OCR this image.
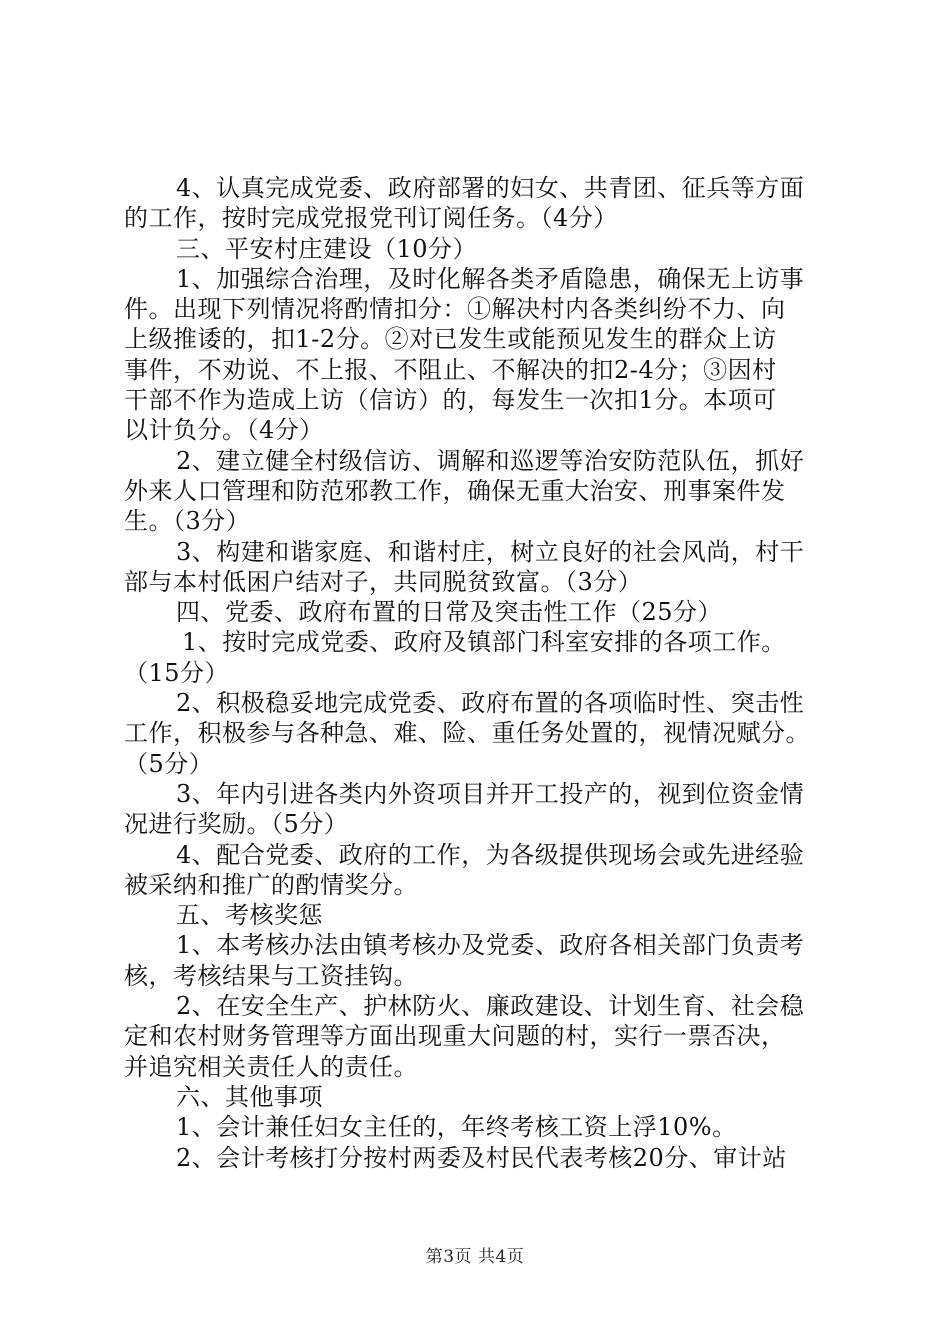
4、认真完成党委、政府部署的妇女、共青团、征兵等方面
的工作，按时完成党报党刊订阅任务。（4分）

三、平安村庄建设（10分）

1、加强综合治理，及时化解各类矛盾隐患，确保无上访事
件。出现下列情况将酌情扣分：①解决村内各类纠纷不力、向
上级推诿的，扣1-2分。②对已发生或能预见发生的群众上访
事件，不劝说、不上报、不阻止、不解决的扣2-4分；③因村
干部不作为造成上访（信访）的，每发生一次扣1分。本项可
以计负分。（4分）

2、建立健全村级信访、调解和巡逻等治安防范队伍，抓好
外来人口管理和防范邪教工作，确保无重大治安、刑事案件发
生。（3分）

3、构建和谐家庭、和谐村庄，树立良好的社会风尚，村干
部与本村低困户结对子，共同脱贫致富。（3分）

四、党委、政府布置的日常及突击性工作（25分）

1、按时完成党委、政府及镇部门科室安排的各项工作。
（15分）

2、积极稳妥地完成党委、政府布置的各项临时性、突击性
工作，积极参与各种急、难、险、重任务处置的，视情况赋分。
（5分）

3、年内引进各类内外资项目并开工投产的，视到位资金情
况进行奖励。（5分）

4、配合党委、政府的工作，为各级提供现场会或先进经验
被采纳和推广的酌情奖分。

五、考核奖惩

1、本考核办法由镇考核办及党委、政府各相关部门负责考
核，考核结果与工资挂钩。

2、在安全生产、护林防火、廉政建设、计划生育、社会稳
定和农村财务管理等方面出现重大问题的村，实行一票否决，
并追究相关责任人的责任。

六、其他事项

1、会计兼任妇女主任的，年终考核工资上浮10%。

2、会计考核打分按村两委及村民代表考核20分、审计站

第3页 共4页
